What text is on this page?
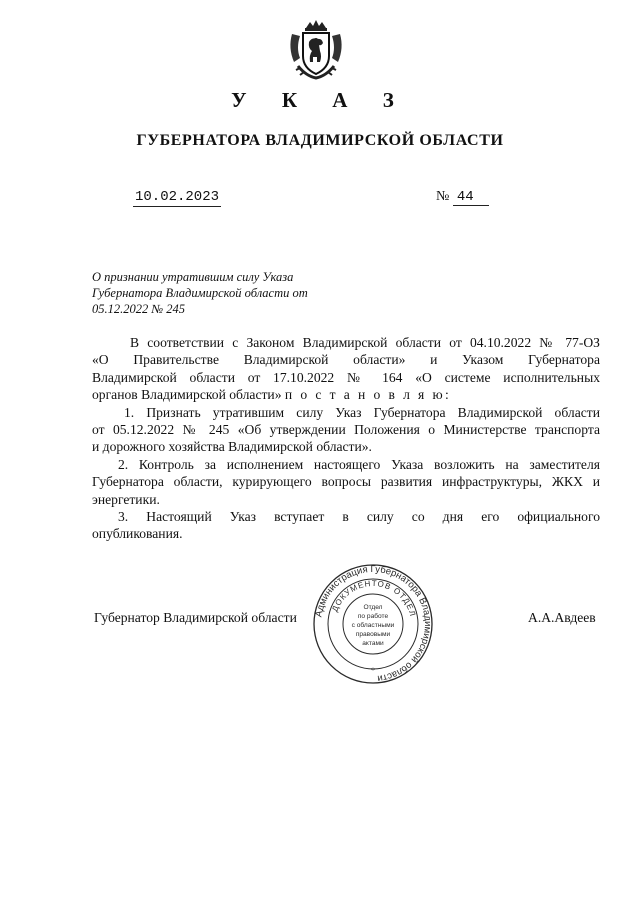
У К А З
ГУБЕРНАТОРА ВЛАДИМИРСКОЙ ОБЛАСТИ
10.02.2023	№ 44
О признании утратившим силу Указа
Губернатора Владимирской области от
05.12.2022 № 245
В соответствии с Законом Владимирской области от 04.10.2022 № 77-ОЗ
«О Правительстве Владимирской области» и Указом Губернатора
Владимирской области от 17.10.2022 № 164 «О системе исполнительных
органов Владимирской области» п о с т а н о в л я ю:
1. Признать утратившим силу Указ Губернатора Владимирской области
от 05.12.2022 № 245 «Об утверждении Положения о Министерстве транспорта
и дорожного хозяйства Владимирской области».
2. Контроль за исполнением настоящего Указа возложить на заместителя
Губернатора области, курирующего вопросы развития инфраструктуры, ЖКХ и
энергетики.
3. Настоящий Указ вступает в силу со дня его официального
опубликования.
Губернатор Владимирской области	А.А.Авдеев
Администрация Губернатора Владимирской области
ДОКУМЕНТОВ ОТДЕЛ
Отдел
по работе
с областными
правовыми
актами
*
